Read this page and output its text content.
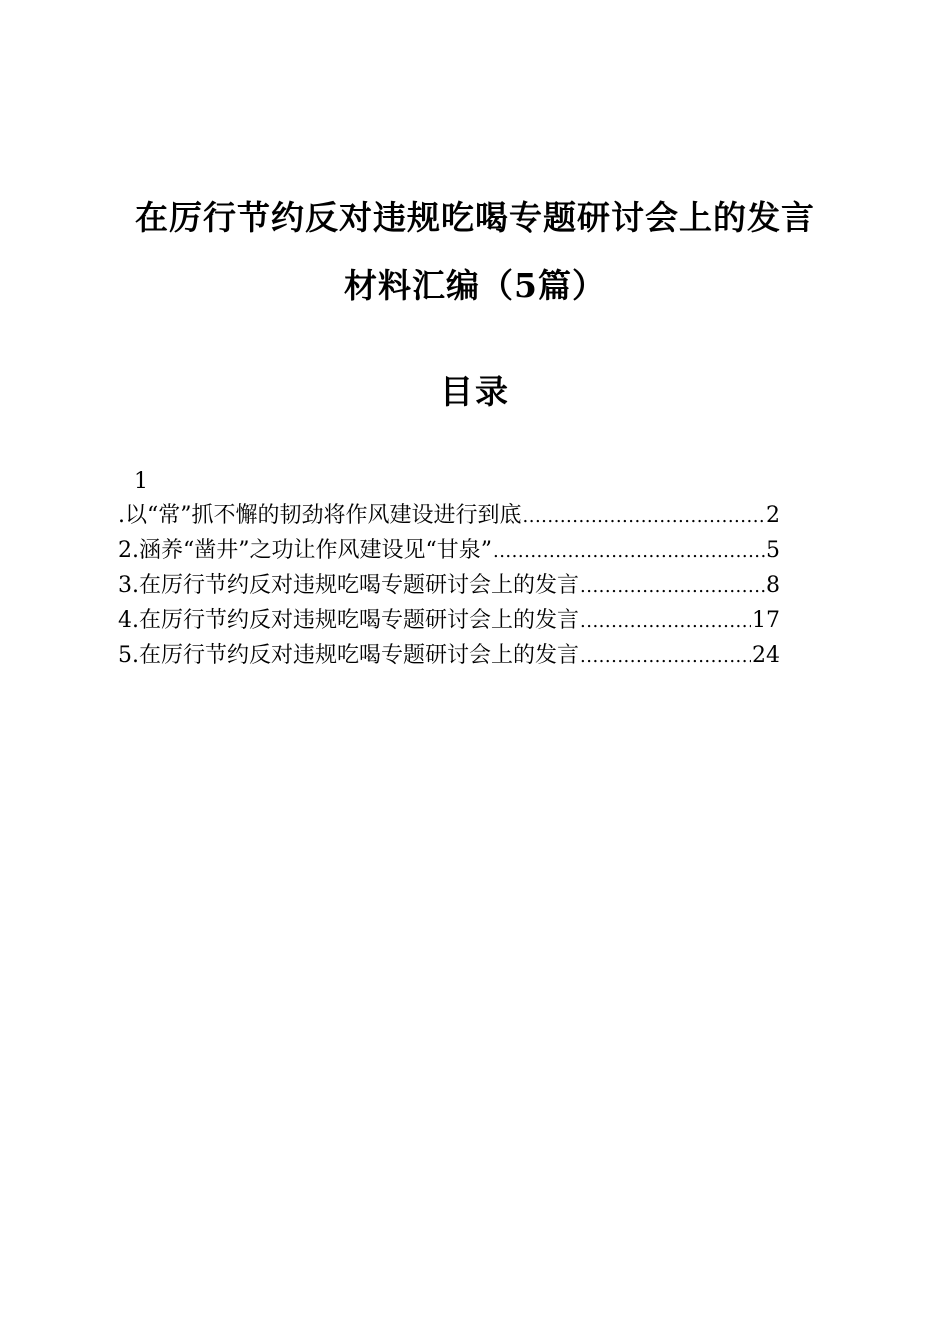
在厉行节约反对违规吃喝专题研讨会上的发言
材料汇编（5篇）
目录
1
.以“常”抓不懈的韧劲将作风建设进行到底 .....	2
2.涵养“凿井”之功让作风建设见“甘泉” .....	5
3.在厉行节约反对违规吃喝专题研讨会上的发言 .....	8
4.在厉行节约反对违规吃喝专题研讨会上的发言 .....	17
5.在厉行节约反对违规吃喝专题研讨会上的发言 .....	24
